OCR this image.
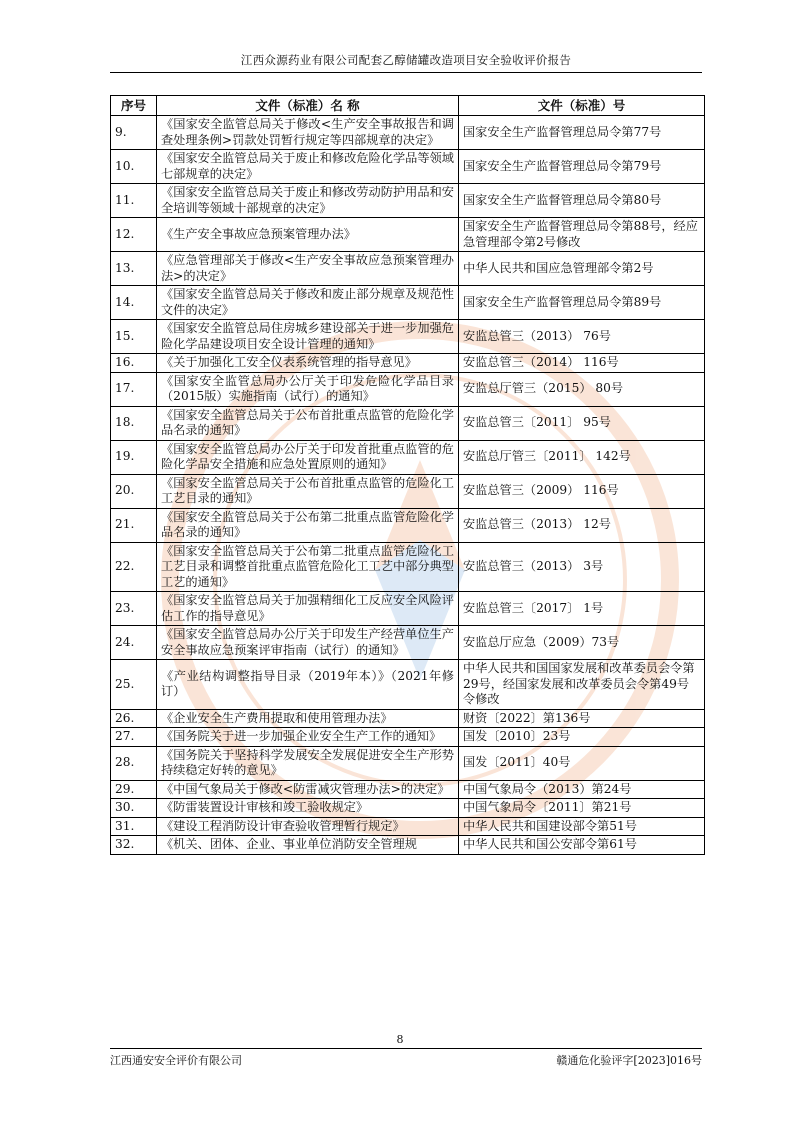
江西众源药业有限公司配套乙醇储罐改造项目安全验收评价报告
序号	文件（标准）名 称	文件（标准）号
9.	《国家安全监管总局关于修改<生产安全事故报告和调查处理条例>罚款处罚暂行规定等四部规章的决定》	国家安全生产监督管理总局令第77号
10.	《国家安全监管总局关于废止和修改危险化学品等领域七部规章的决定》	国家安全生产监督管理总局令第79号
11.	《国家安全监管总局关于废止和修改劳动防护用品和安全培训等领域十部规章的决定》	国家安全生产监督管理总局令第80号
12.	《生产安全事故应急预案管理办法》	国家安全生产监督管理总局令第88号，经应急管理部令第2号修改
13.	《应急管理部关于修改<生产安全事故应急预案管理办法>的决定》	中华人民共和国应急管理部令第2号
14.	《国家安全监管总局关于修改和废止部分规章及规范性文件的决定》	国家安全生产监督管理总局令第89号
15.	《国家安全监管总局住房城乡建设部关于进一步加强危险化学品建设项目安全设计管理的通知》	安监总管三（2013） 76号
16.	《关于加强化工安全仪表系统管理的指导意见》	安监总管三（2014） 116号
17.	《国家安全监管总局办公厅关于印发危险化学品目录（2015版）实施指南（试行）的通知》	安监总厅管三（2015） 80号
18.	《国家安全监管总局关于公布首批重点监管的危险化学品名录的通知》	安监总管三〔2011〕 95号
19.	《国家安全监管总局办公厅关于印发首批重点监管的危险化学品安全措施和应急处置原则的通知》	安监总厅管三〔2011〕 142号
20.	《国家安全监管总局关于公布首批重点监管的危险化工工艺目录的通知》	安监总管三（2009） 116号
21.	《国家安全监管总局关于公布第二批重点监管危险化学品名录的通知》	安监总管三（2013） 12号
22.	《国家安全监管总局关于公布第二批重点监管危险化工工艺目录和调整首批重点监管危险化工工艺中部分典型工艺的通知》	安监总管三（2013） 3号
23.	《国家安全监管总局关于加强精细化工反应安全风险评估工作的指导意见》	安监总管三〔2017〕 1号
24.	《国家安全监管总局办公厅关于印发生产经营单位生产安全事故应急预案评审指南（试行）的通知》	安监总厅应急（2009）73号
25.	《产业结构调整指导目录（2019年本）》（2021年修订）	中华人民共和国国家发展和改革委员会令第29号，经国家发展和改革委员会令第49号令修改
26.	《企业安全生产费用提取和使用管理办法》	财资〔2022〕第136号
27.	《国务院关于进一步加强企业安全生产工作的通知》	国发〔2010〕23号
28.	《国务院关于坚持科学发展安全发展促进安全生产形势持续稳定好转的意见》	国发〔2011〕40号
29.	《中国气象局关于修改<防雷减灾管理办法>的决定》	中国气象局令（2013）第24号
30.	《防雷装置设计审核和竣工验收规定》	中国气象局令〔2011〕第21号
31.	《建设工程消防设计审查验收管理暂行规定》	中华人民共和国建设部令第51号
32.	《机关、团体、企业、事业单位消防安全管理规	中华人民共和国公安部令第61号
8
江西通安安全评价有限公司	赣通危化验评字[2023]016号
